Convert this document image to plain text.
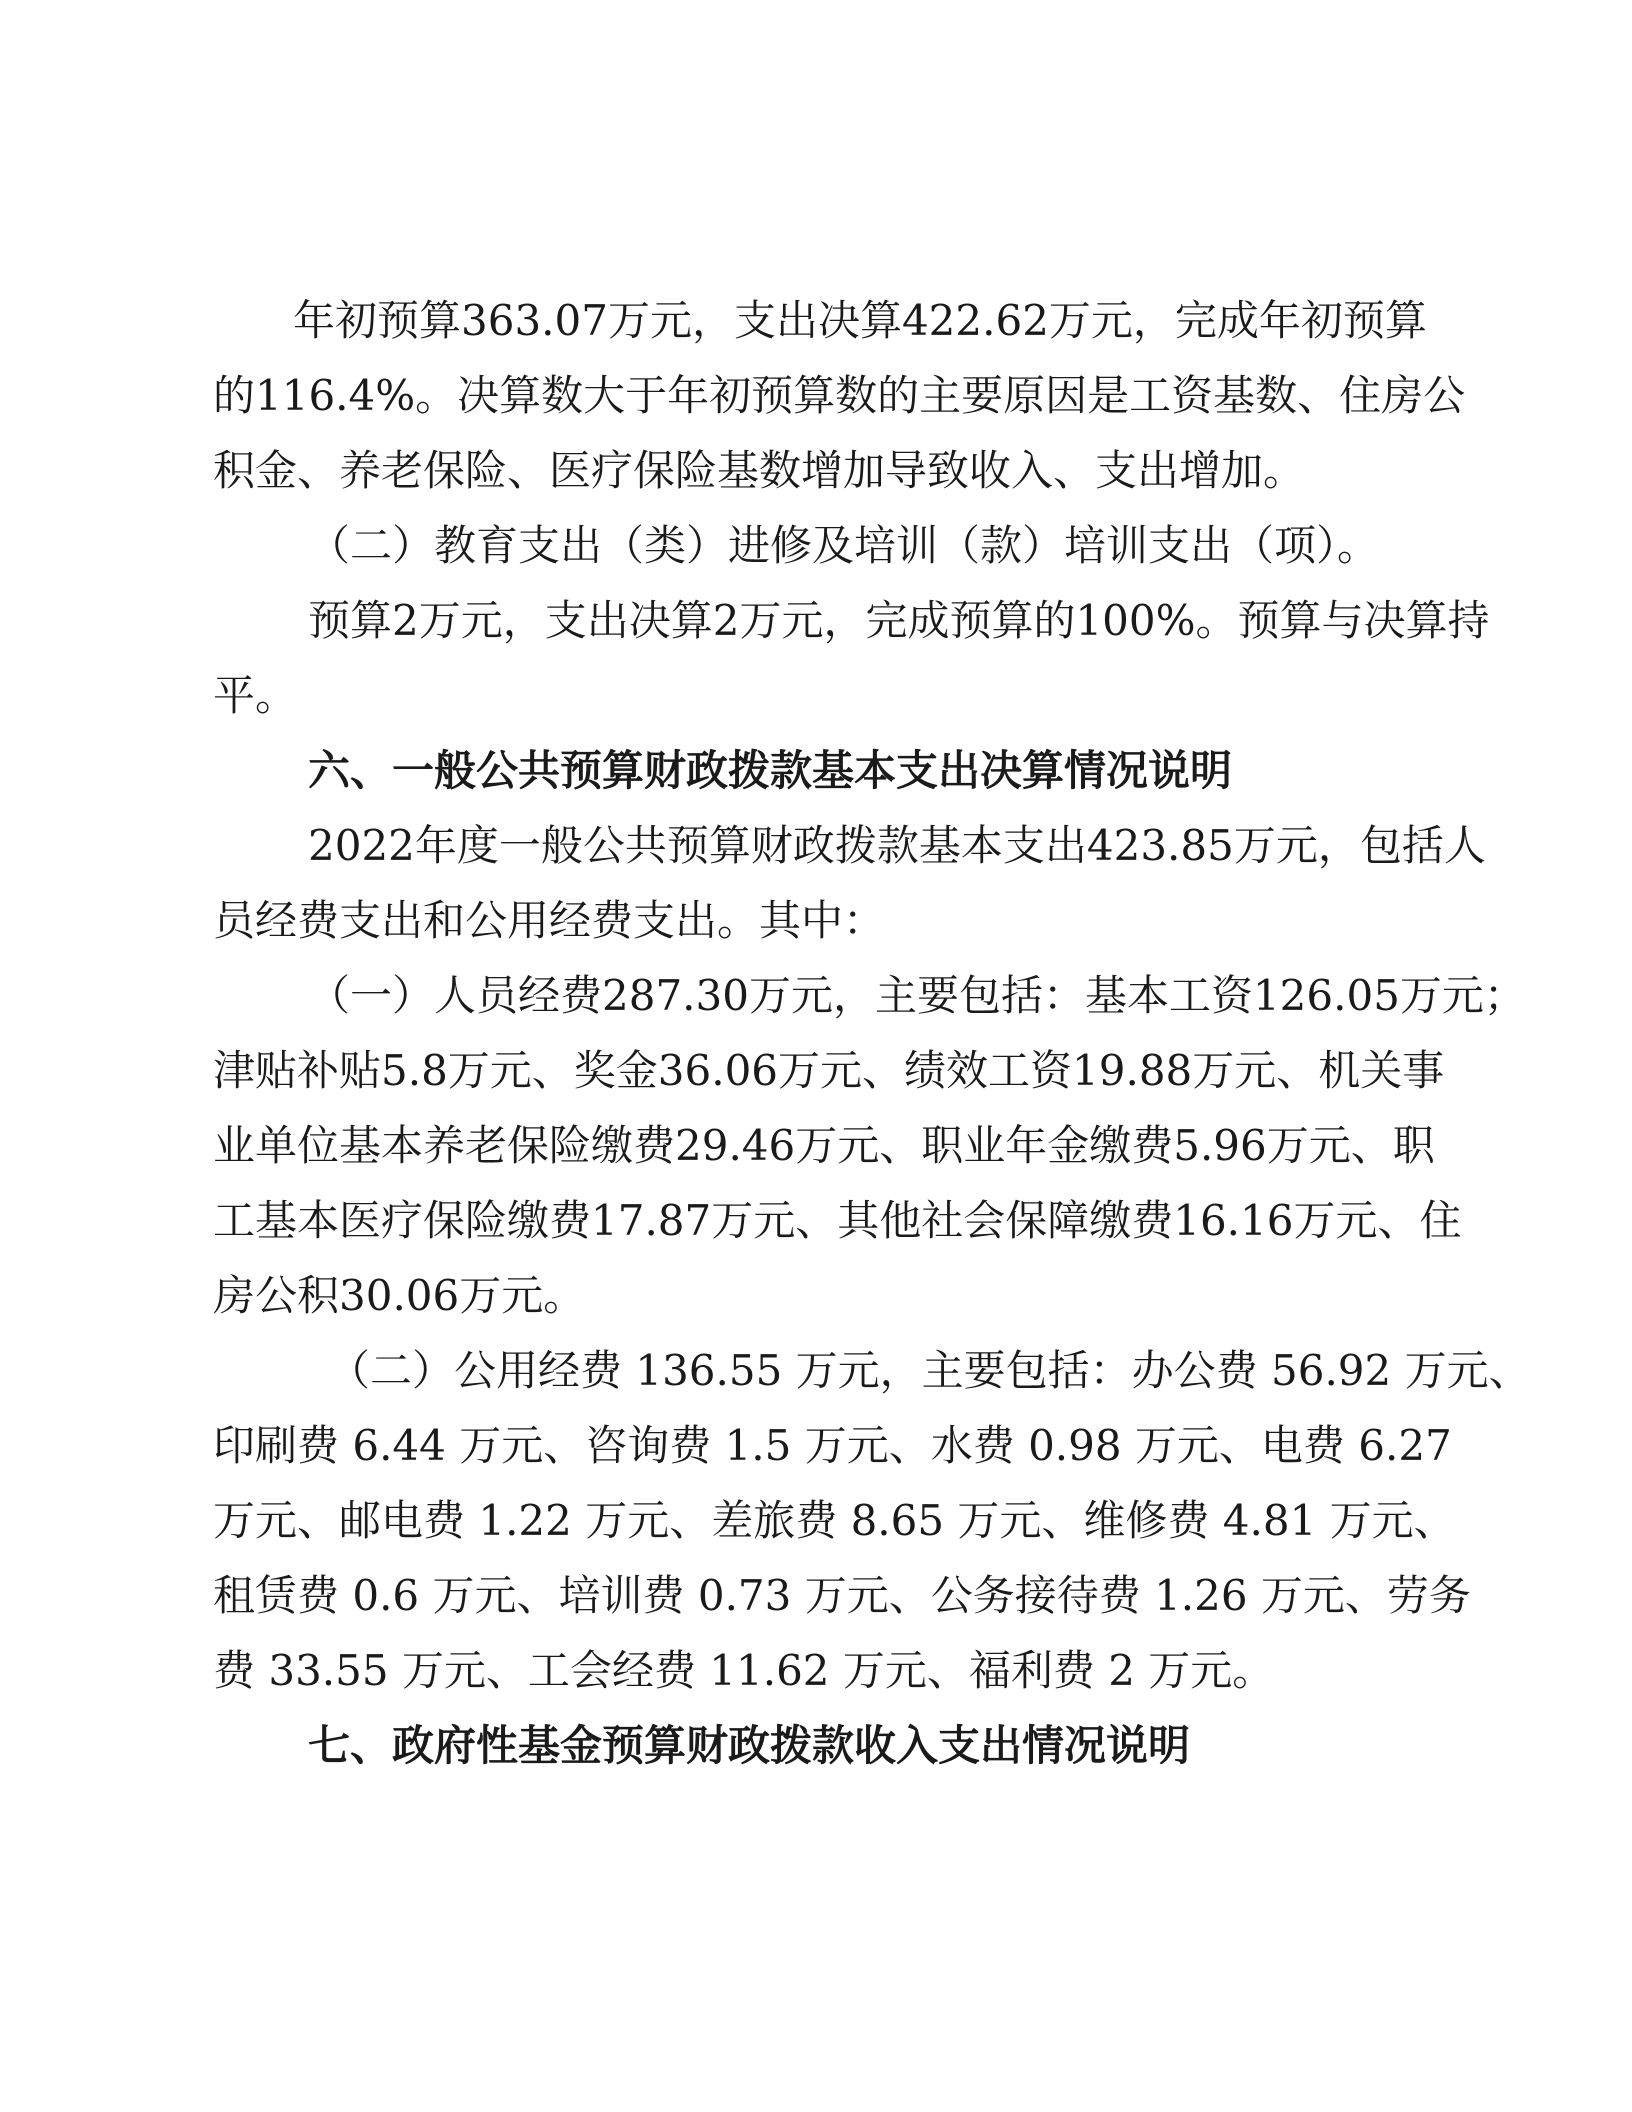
年初预算363.07万元，支出决算422.62万元，完成年初预算
的116.4%。决算数大于年初预算数的主要原因是工资基数、住房公
积金、养老保险、医疗保险基数增加导致收入、支出增加。
（二）教育支出（类）进修及培训（款）培训支出（项）。
预算2万元，支出决算2万元，完成预算的100%。预算与决算持
平。
六、一般公共预算财政拨款基本支出决算情况说明
2022年度一般公共预算财政拨款基本支出423.85万元，包括人
员经费支出和公用经费支出。其中：
（一）人员经费287.30万元，主要包括：基本工资126.05万元；
津贴补贴5.8万元、奖金36.06万元、绩效工资19.88万元、机关事
业单位基本养老保险缴费29.46万元、职业年金缴费5.96万元、职
工基本医疗保险缴费17.87万元、其他社会保障缴费16.16万元、住
房公积30.06万元。
（二）公用经费 136.55 万元，主要包括：办公费 56.92 万元、
印刷费 6.44 万元、咨询费 1.5 万元、水费 0.98 万元、电费 6.27
万元、邮电费 1.22 万元、差旅费 8.65 万元、维修费 4.81 万元、
租赁费 0.6 万元、培训费 0.73 万元、公务接待费 1.26 万元、劳务
费 33.55 万元、工会经费 11.62 万元、福利费 2 万元。
七、政府性基金预算财政拨款收入支出情况说明
